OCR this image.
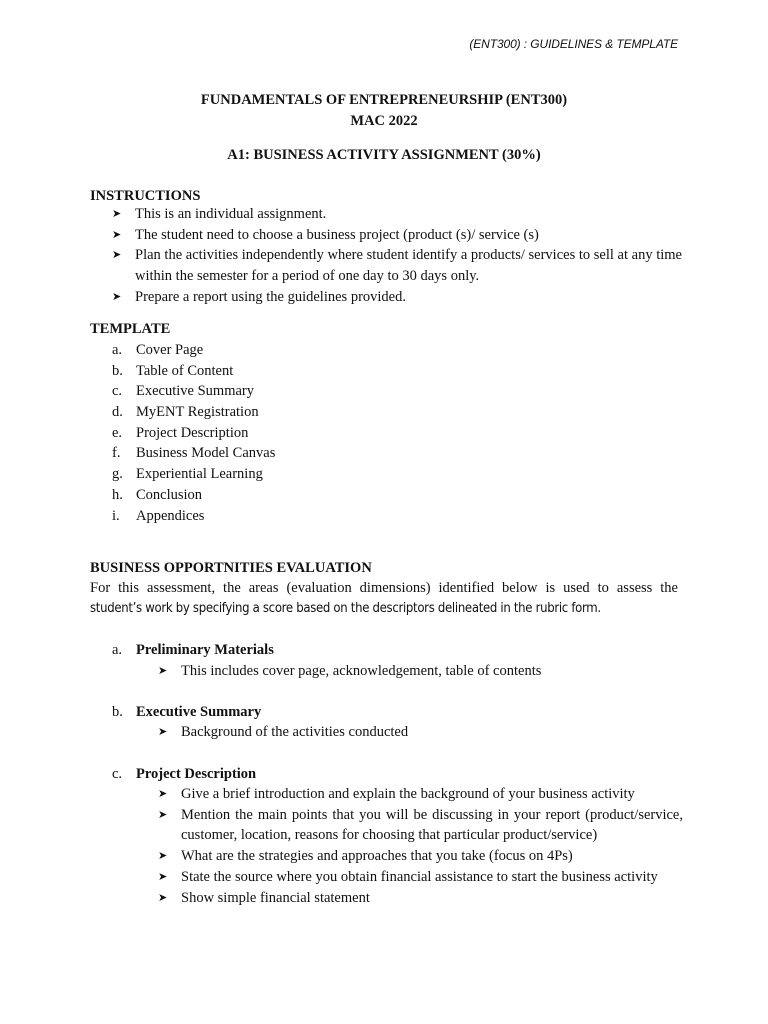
(ENT300) : GUIDELINES & TEMPLATE
FUNDAMENTALS OF ENTREPRENEURSHIP (ENT300)
MAC 2022
A1: BUSINESS ACTIVITY ASSIGNMENT (30%)
INSTRUCTIONS
➤ This is an individual assignment.
➤ The student need to choose a business project (product (s)/ service (s)
➤ Plan the activities independently where student identify a products/ services to sell at any time within the semester for a period of one day to 30 days only.
➤ Prepare a report using the guidelines provided.
TEMPLATE
a. Cover Page
b. Table of Content
c. Executive Summary
d. MyENT Registration
e. Project Description
f. Business Model Canvas
g. Experiential Learning
h. Conclusion
i. Appendices
BUSINESS OPPORTNITIES EVALUATION
For this assessment, the areas (evaluation dimensions) identified below is used to assess the
student’s work by specifying a score based on the descriptors delineated in the rubric form.
a. Preliminary Materials
➤ This includes cover page, acknowledgement, table of contents
b. Executive Summary
➤ Background of the activities conducted
c. Project Description
➤ Give a brief introduction and explain the background of your business activity
➤ Mention the main points that you will be discussing in your report (product/service, customer, location, reasons for choosing that particular product/service)
➤ What are the strategies and approaches that you take (focus on 4Ps)
➤ State the source where you obtain financial assistance to start the business activity
➤ Show simple financial statement
